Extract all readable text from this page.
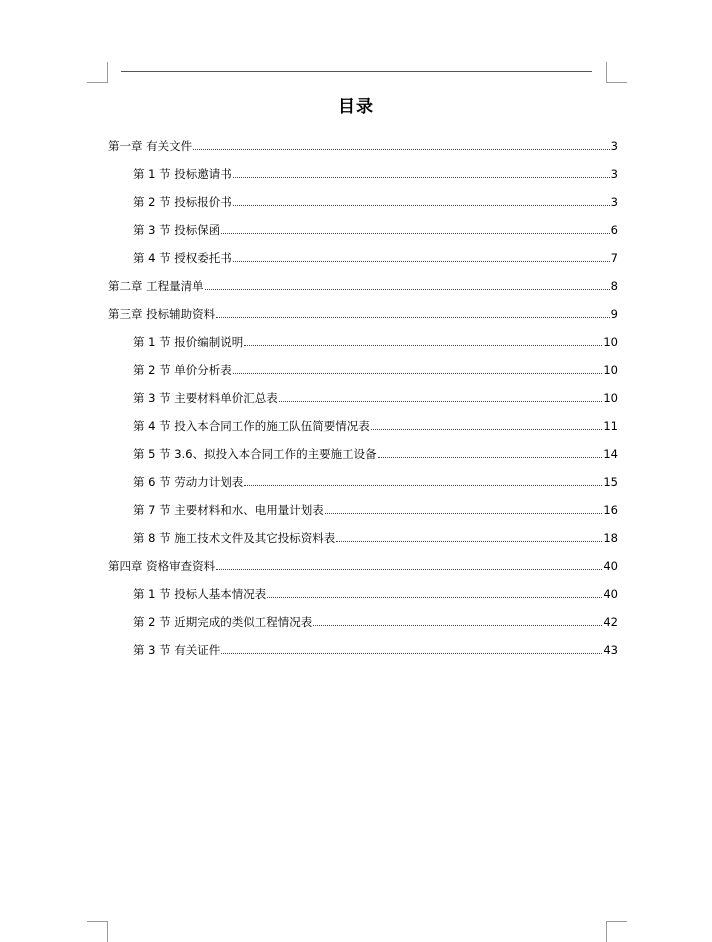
目录
第一章 有关文件	3
第 1 节 投标邀请书	3
第 2 节 投标报价书	3
第 3 节 投标保函	6
第 4 节 授权委托书	7
第二章 工程量清单	8
第三章 投标辅助资料	9
第 1 节 报价编制说明	10
第 2 节 单价分析表	10
第 3 节 主要材料单价汇总表	10
第 4 节 投入本合同工作的施工队伍简要情况表	11
第 5 节 3.6、拟投入本合同工作的主要施工设备	14
第 6 节 劳动力计划表	15
第 7 节 主要材料和水、电用量计划表	16
第 8 节 施工技术文件及其它投标资料表	18
第四章 资格审查资料	40
第 1 节 投标人基本情况表	40
第 2 节 近期完成的类似工程情况表	42
第 3 节 有关证件	43
